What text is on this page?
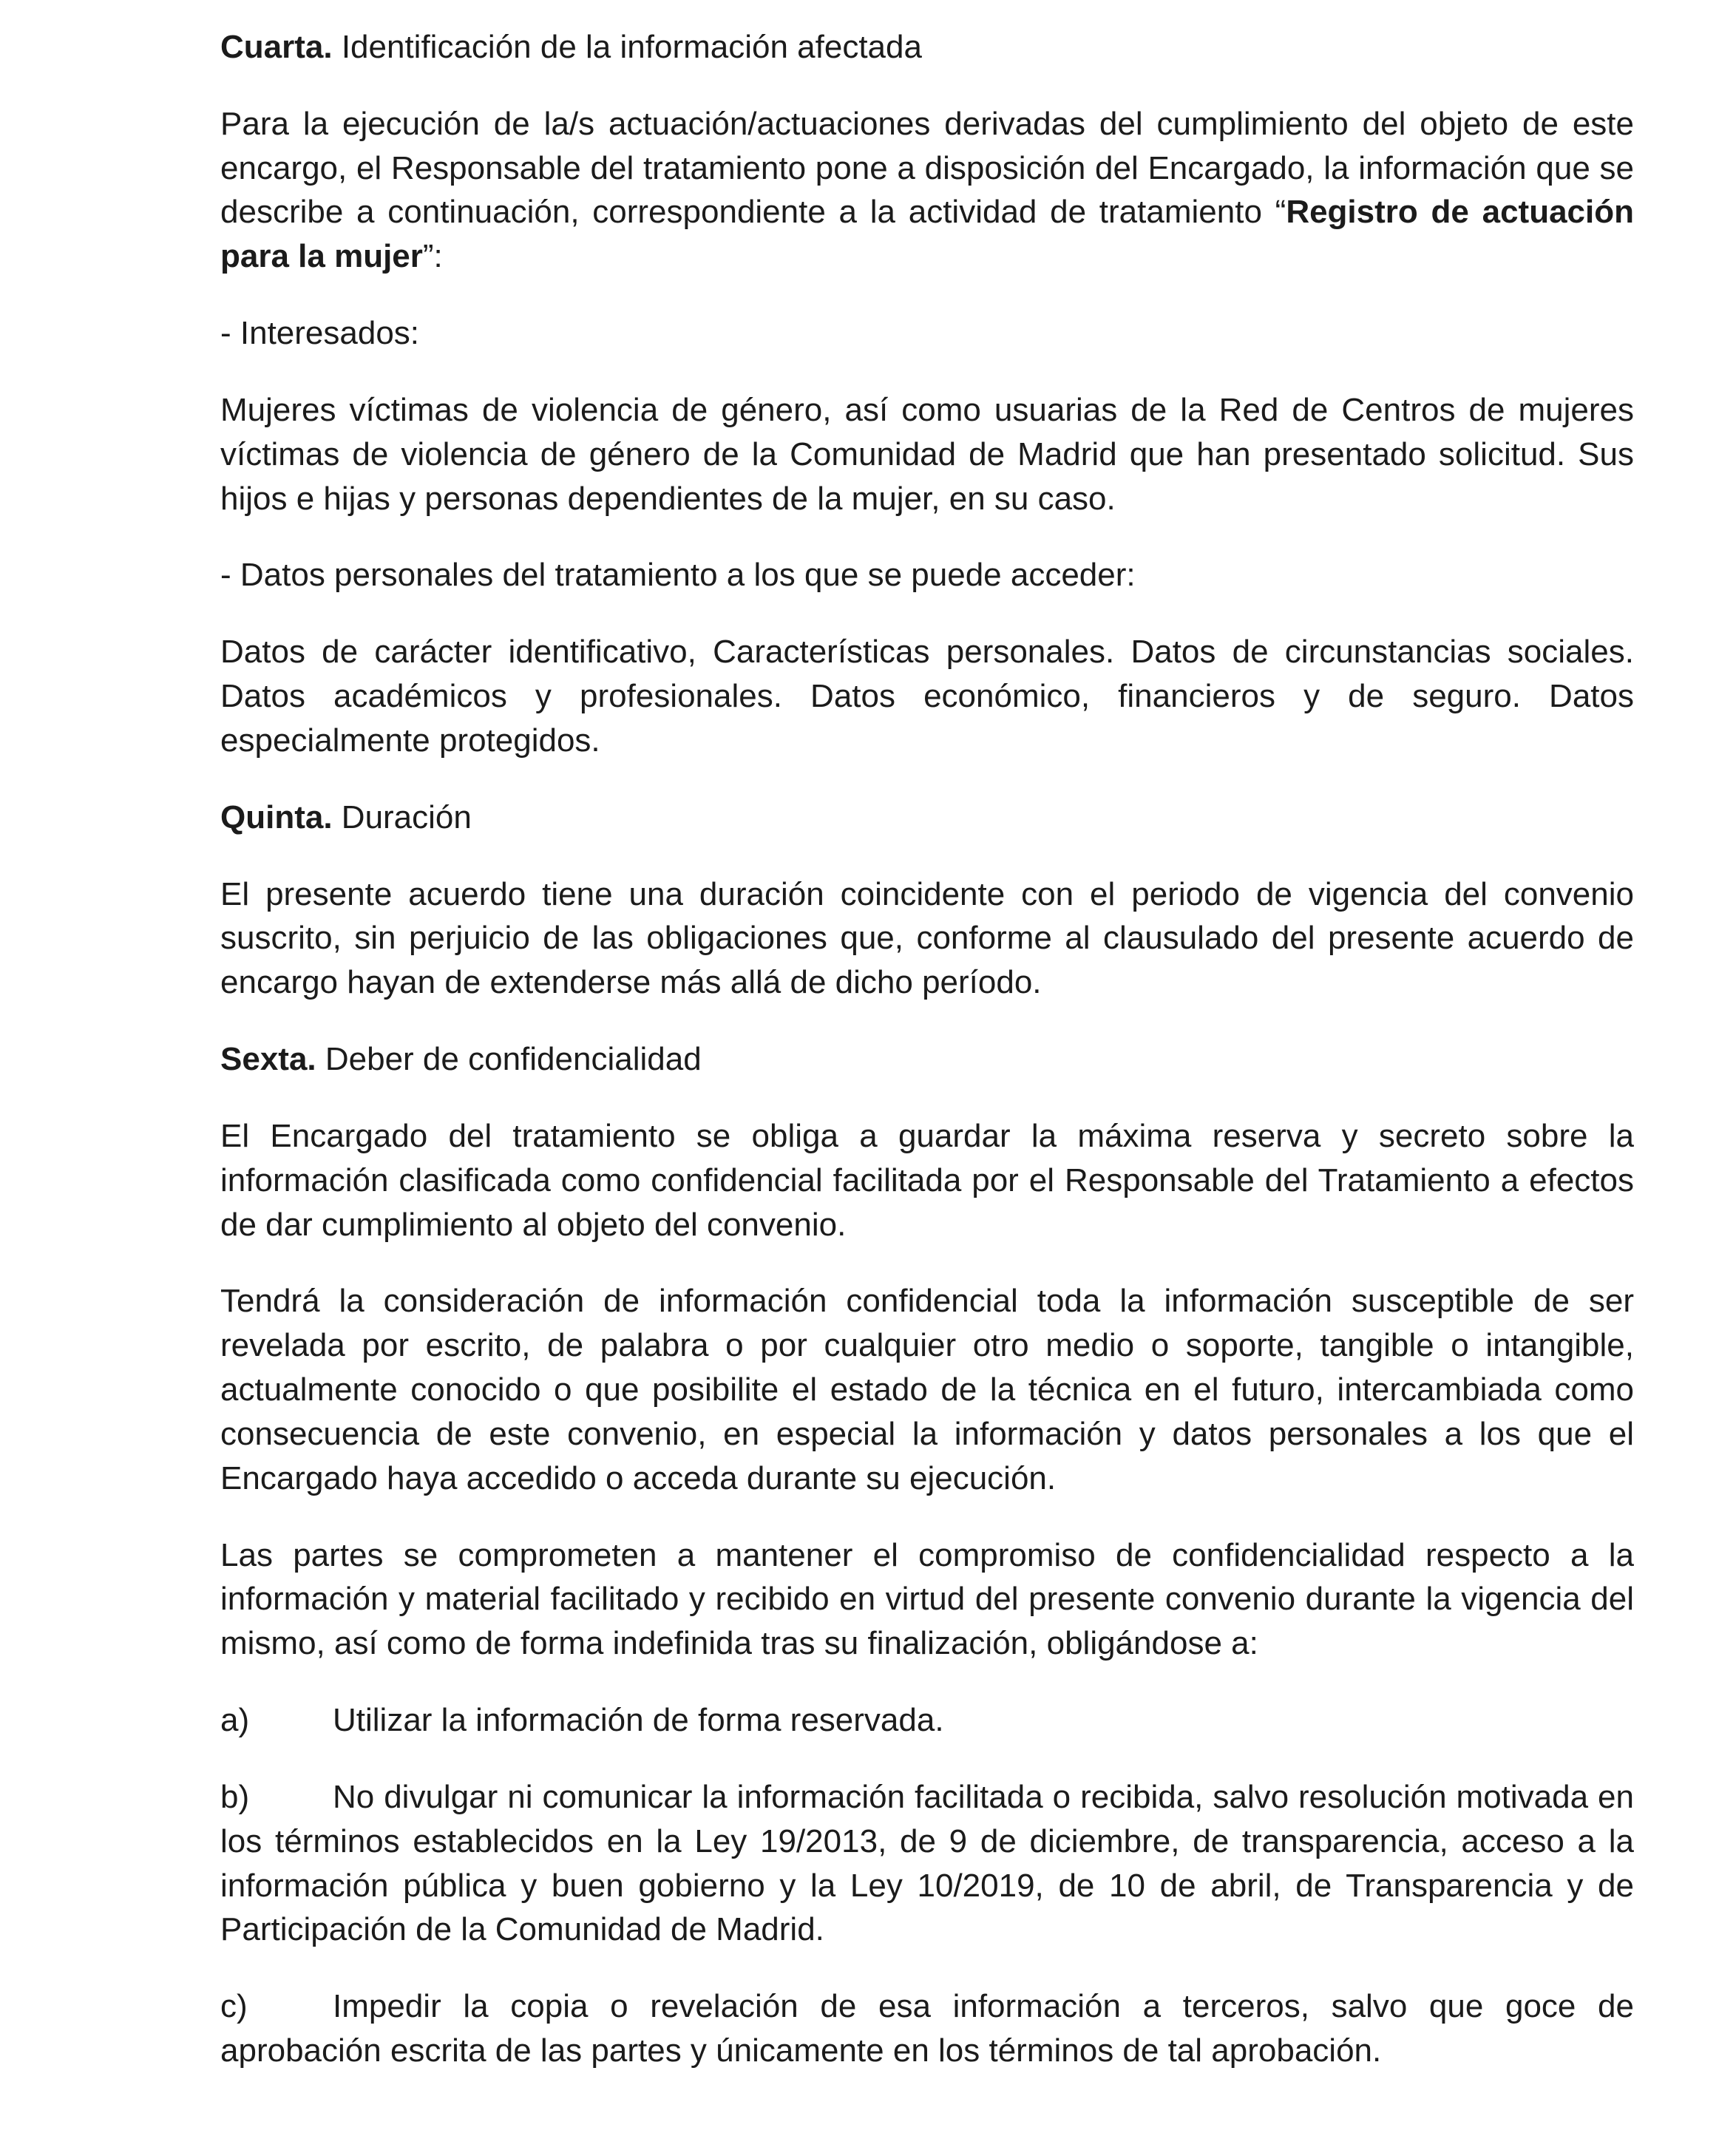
Cuarta. Identificación de la información afectada

Para la ejecución de la/s actuación/actuaciones derivadas del cumplimiento del objeto de este encargo, el Responsable del tratamiento pone a disposición del Encargado, la información que se describe a continuación, correspondiente a la actividad de tratamiento “Registro de actuación para la mujer”:

- Interesados:

Mujeres víctimas de violencia de género, así como usuarias de la Red de Centros de mujeres víctimas de violencia de género de la Comunidad de Madrid que han presentado solicitud. Sus hijos e hijas y personas dependientes de la mujer, en su caso.

- Datos personales del tratamiento a los que se puede acceder:

Datos de carácter identificativo, Características personales. Datos de circunstancias sociales. Datos académicos y profesionales. Datos económico, financieros y de seguro. Datos especialmente protegidos.

Quinta. Duración

El presente acuerdo tiene una duración coincidente con el periodo de vigencia del convenio suscrito, sin perjuicio de las obligaciones que, conforme al clausulado del presente acuerdo de encargo hayan de extenderse más allá de dicho período.

Sexta. Deber de confidencialidad

El Encargado del tratamiento se obliga a guardar la máxima reserva y secreto sobre la información clasificada como confidencial facilitada por el Responsable del Tratamiento a efectos de dar cumplimiento al objeto del convenio.

Tendrá la consideración de información confidencial toda la información susceptible de ser revelada por escrito, de palabra o por cualquier otro medio o soporte, tangible o intangible, actualmente conocido o que posibilite el estado de la técnica en el futuro, intercambiada como consecuencia de este convenio, en especial la información y datos personales a los que el Encargado haya accedido o acceda durante su ejecución.

Las partes se comprometen a mantener el compromiso de confidencialidad respecto a la información y material facilitado y recibido en virtud del presente convenio durante la vigencia del mismo, así como de forma indefinida tras su finalización, obligándose a:

a)	Utilizar la información de forma reservada.

b)	No divulgar ni comunicar la información facilitada o recibida, salvo resolución motivada en los términos establecidos en la Ley 19/2013, de 9 de diciembre, de transparencia, acceso a la información pública y buen gobierno y la Ley 10/2019, de 10 de abril, de Transparencia y de Participación de la Comunidad de Madrid.

c)	Impedir la copia o revelación de esa información a terceros, salvo que goce de aprobación escrita de las partes y únicamente en los términos de tal aprobación.
